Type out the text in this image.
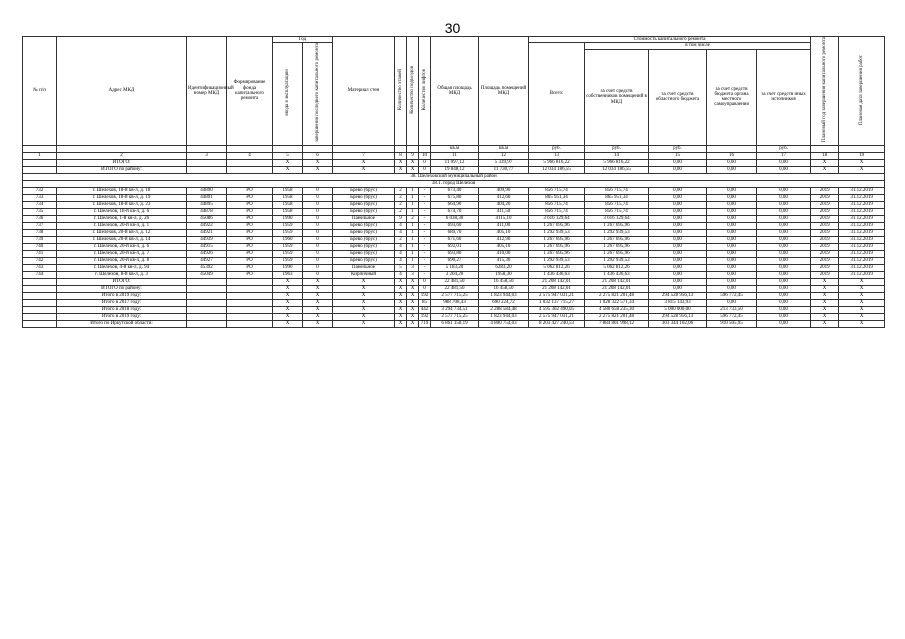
30
№ п/п	Адрес МКД	Идентификационный номер МКД	Формирование фонда капитального ремонта	Год		Материал стен	Количество этажей	Количество подъездов	Количество лифтов	Общая площадь МКД	Площадь помещений МКД	Стоимость капитального ремонта					Плановый год завершения капитального ремонта	Плановая дата завершения работ
				ввода в эксплуатацию	завершения последнего капитального ремонта							Всего:	в том числе					
													за счет средств собственников помещений в МКД	за счет средств областного бюджета	за счет средств бюджета органа местного самоуправления	за счет средств иных источников		
										кв.м	кв.м	руб.	руб.	руб.		руб.		
1	2	3	4	5	6	7	8	9	10	11	12	13	14	15	16	17	18	19
	ИТОГО:			X	X	X	X	X	0	11 097,12	5 339,97	5 966 816,22	5 966 816,22	0,00	0,00	0,00	X	X
	ИТОГО по району:			X	X	X	X	X	0	19 848,12	11 730,77	12 034 186,55	12 034 186,55	0,00	0,00	0,00	X	X
38. Шелеховский муниципальный район																		
38.1. город Шелехов																		
732	г. Шелехов, 18-й кв-л, д. 18	44890	РО	1958	0	Брево (брус)	2	1	-	673,40	409,90	856 715,74	856 715,74	0,00	0,00	0,00	2019	31.12.2019
733	г. Шелехов, 18-й кв-л, д. 19	44891	РО	1958	0	Брево (брус)	2	1	-	675,80	412,60	865 951,34	865 951,34	0,00	0,00	0,00	2019	31.12.2019
734	г. Шелехов, 18-й кв-л, д. 23	44895	РО	1958	0	Брево (брус)	2	1	-	664,90	404,20	856 715,74	856 715,74	0,00	0,00	0,00	2019	31.12.2019
735	г. Шелехов, 18-й кв-л, д. 6	44878	РО	1958	0	Брево (брус)	2	1	-	674,70	411,50	856 715,74	856 715,74	0,00	0,00	0,00	2019	31.12.2019
736	г. Шелехов, 1-й кв-л, д. 26	45086	РО	1990	0	Панельное	9	2	-	6 038,30	4115,10	3 616 129,64	3 616 129,64	0,00	0,00	0,00	2019	31.12.2019
737	г. Шелехов, 20-й кв-л, д. 1	44922	РО	1959	0	Брево (брус)	4	1	-	693,60	411,00	1 267 695,96	1 267 695,96	0,00	0,00	0,00	2019	31.12.2019
738	г. Шелехов, 20-й кв-л, д. 12	44921	РО	1959	0	Брево (брус)	4	1	-	689,70	405,10	1 292 939,53	1 292 939,53	0,00	0,00	0,00	2019	31.12.2019
739	г. Шелехов, 20-й кв-л, д. 14	44939	РО	1960	0	Брево (брус)	2	1	-	671,60	412,90	1 267 695,96	1 267 695,96	0,00	0,00	0,00	2019	31.12.2019
740	г. Шелехов, 20-й кв-л, д. 6	44915	РО	1959	0	Брево (брус)	4	1	-	692,01	405,10	1 267 695,96	1 267 695,96	0,00	0,00	0,00	2019	31.12.2019
741	г. Шелехов, 20-й кв-л, д. 7	44926	РО	1959	0	Брево (брус)	4	1	-	693,80	410,00	1 267 695,96	1 267 695,96	0,00	0,00	0,00	2019	31.12.2019
742	г. Шелехов, 20-й кв-л, д. 8	44927	РО	1959	0	Брево (брус)	4	1	-	690,27	415,30	1 292 939,53	1 292 939,53	0,00	0,00	0,00	2019	31.12.2019
743	г. Шелехов, 4-й кв-л, д. 94	45392	РО	1990	0	Панельное	5	3	-	5 183,20	6283,20	5 062 812,26	5 062 812,26	0,00	0,00	0,00	2019	31.12.2019
744	г. Шелехов, 8-й кв-л, д. 3	45049	РО	1963	0	Кирпичный	4	3	-	3 204,20	1958,30	1 436 436,63	1 436 436,63	0,00	0,00	0,00	2019	31.12.2019
	ИТОГО:			X	X	X	X	X	0	22 481,50	16 458,50	21 208 142,01	21 208 142,01	0,00	0,00	0,00	X	X
	ИТОГО по району:			X	X	X	X	X	0	22 481,50	16 458,50	21 208 142,01	21 208 142,01	0,00	0,00	0,00	X	X
	Итого в 2019 году:			X	X	X	X	X	192	2 577 715,25	1 823 944,03	2 575 947 031,21	2 275 821 201,48	294 528 956,13	596 772,45	0,00	X	X
	Итого в 2017 году:			X	X	X	X	X	85	988 708,43	690 224,72	1 032 137 715,27	1 028 322 571,34	3 815 143,93	0,00	0,00	X	X
	Итого в 2018 году:			X	X	X	X	X	442	3 294 734,51	2 288 584,48	4 595 362 490,05	4 580 658 235,30	5 000 000,00	213 733,50	0,00	X	X
	Итого в 2019 году:			X	X	X	X	X	192	2 577 715,25	1 823 944,03	2 575 947 031,21	2 275 821 201,48	294 528 956,13	596 772,45	0,00	X	X
	Итого по Иркутской области:			X	X	X	X	X	719	6 861 158,19	4 800 754,03	8 203 427 240,53	7 884 801 998,12	303 344 102,06	910 505,95	0,00	X	X
